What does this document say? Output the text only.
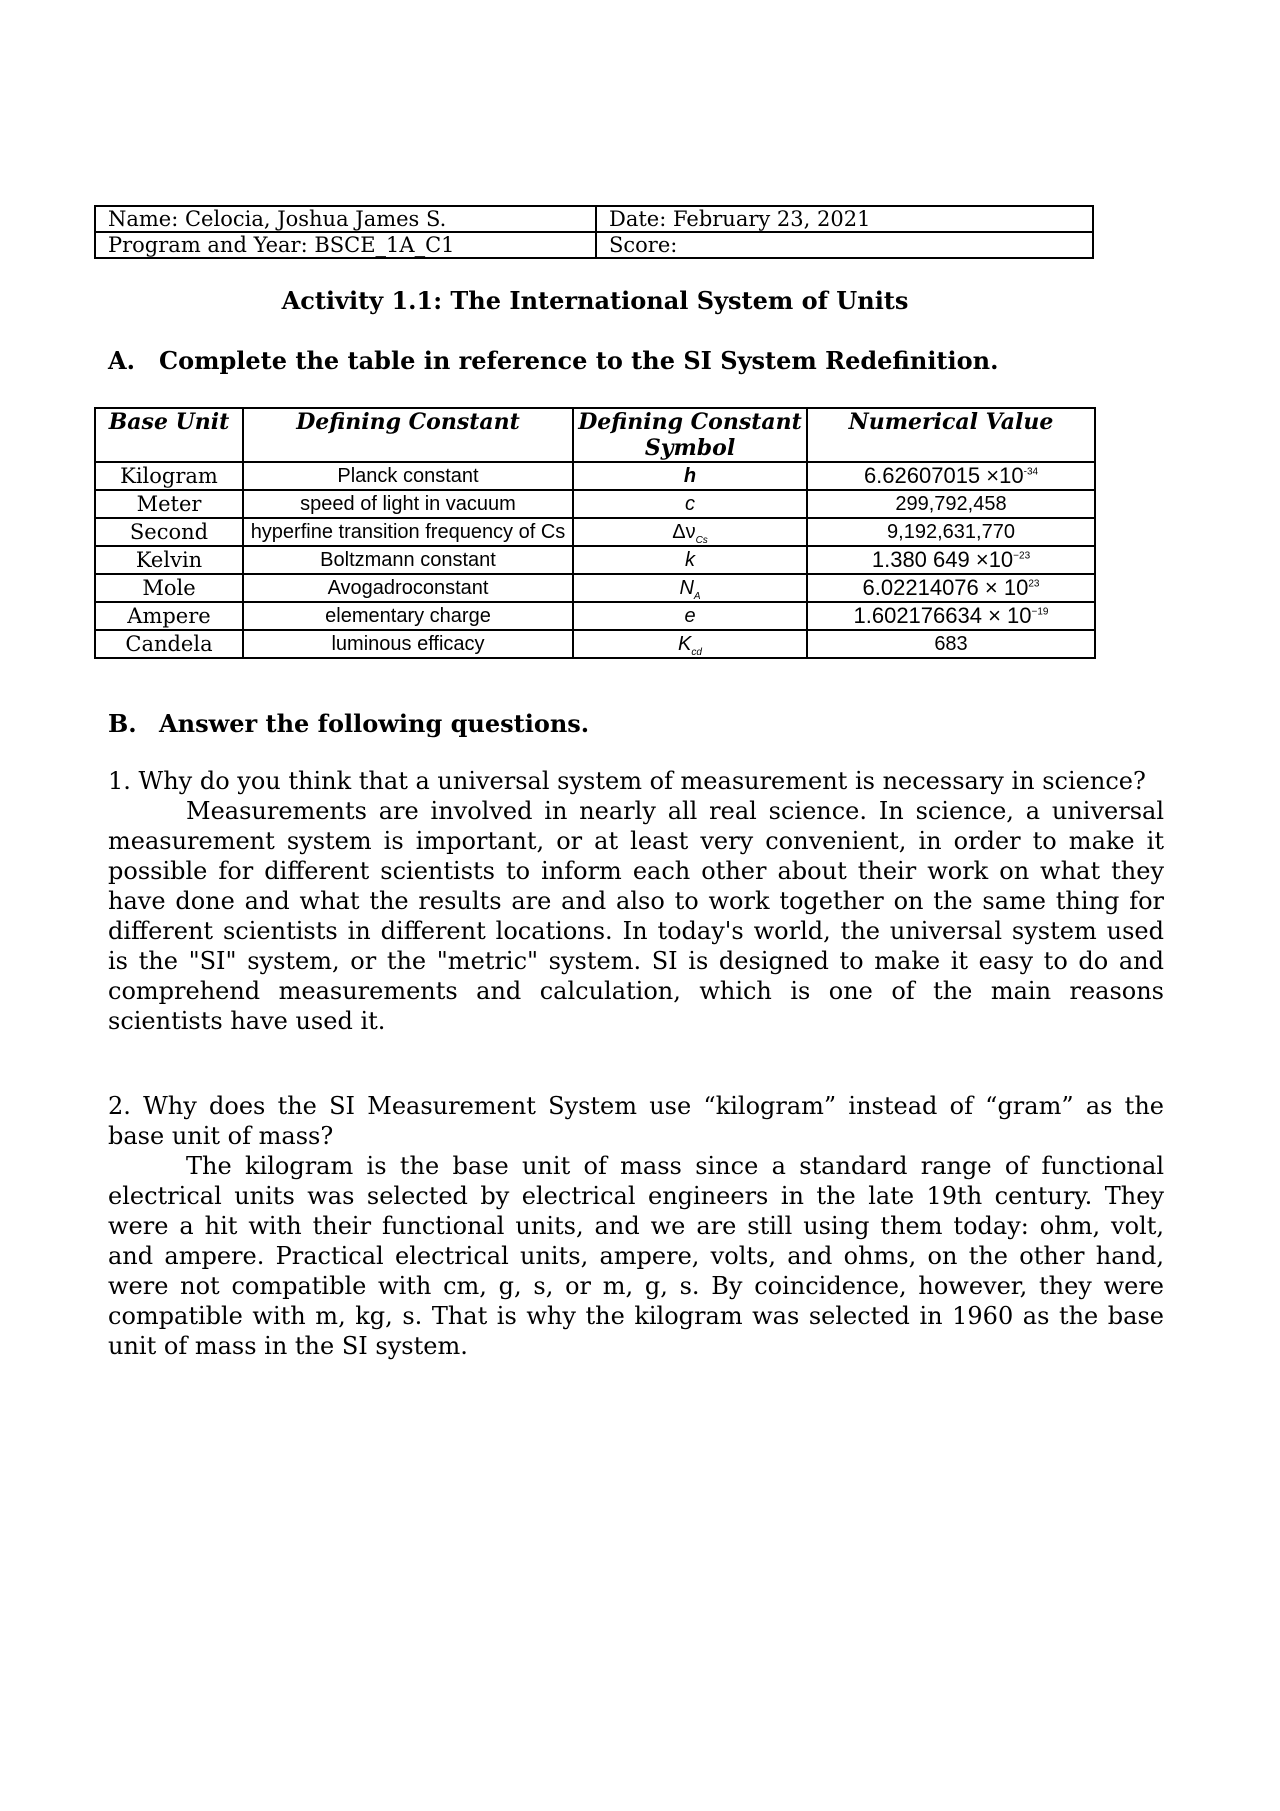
Name: Celocia, Joshua James S.	Date: February 23, 2021
Program and Year: BSCE_1A_C1	Score:
Activity 1.1: The International System of Units
A. Complete the table in reference to the SI System Redefinition.
Base Unit	Defining Constant	Defining Constant Symbol	Numerical Value
Kilogram	Planck constant	h	$6.62607015 \times 10^{-34}$
Meter	speed of light in vacuum	c	299,792,458
Second	hyperfine transition frequency of Cs	$\Delta\nu_{Cs}$	9,192,631,770
Kelvin	Boltzmann constant	k	1.380 $649 \times 10^{-23}$
Mole	Avogadroconstant	$N_A$	$6.02214076 \times 10^{23}$
Ampere	elementary charge	e	$1.602176634 \times 10^{-19}$
Candela	luminous efficacy	$K_{cd}$	683
B. Answer the following questions.
1. Why do you think that a universal system of measurement is necessary in science?
Measurements are involved in nearly all real science. In science, a universal measurement system is important, or at least very convenient, in order to make it possible for different scientists to inform each other about their work on what they have done and what the results are and also to work together on the same thing for different scientists in different locations. In today's world, the universal system used is the "SI" system, or the "metric" system. SI is designed to make it easy to do and comprehend measurements and calculation, which is one of the main reasons scientists have used it.
2. Why does the SI Measurement System use “kilogram” instead of “gram” as the base unit of mass?
The kilogram is the base unit of mass since a standard range of functional electrical units was selected by electrical engineers in the late 19th century. They were a hit with their functional units, and we are still using them today: ohm, volt, and ampere. Practical electrical units, ampere, volts, and ohms, on the other hand, were not compatible with cm, g, s, or m, g, s. By coincidence, however, they were compatible with m, kg, s. That is why the kilogram was selected in 1960 as the base unit of mass in the SI system.
